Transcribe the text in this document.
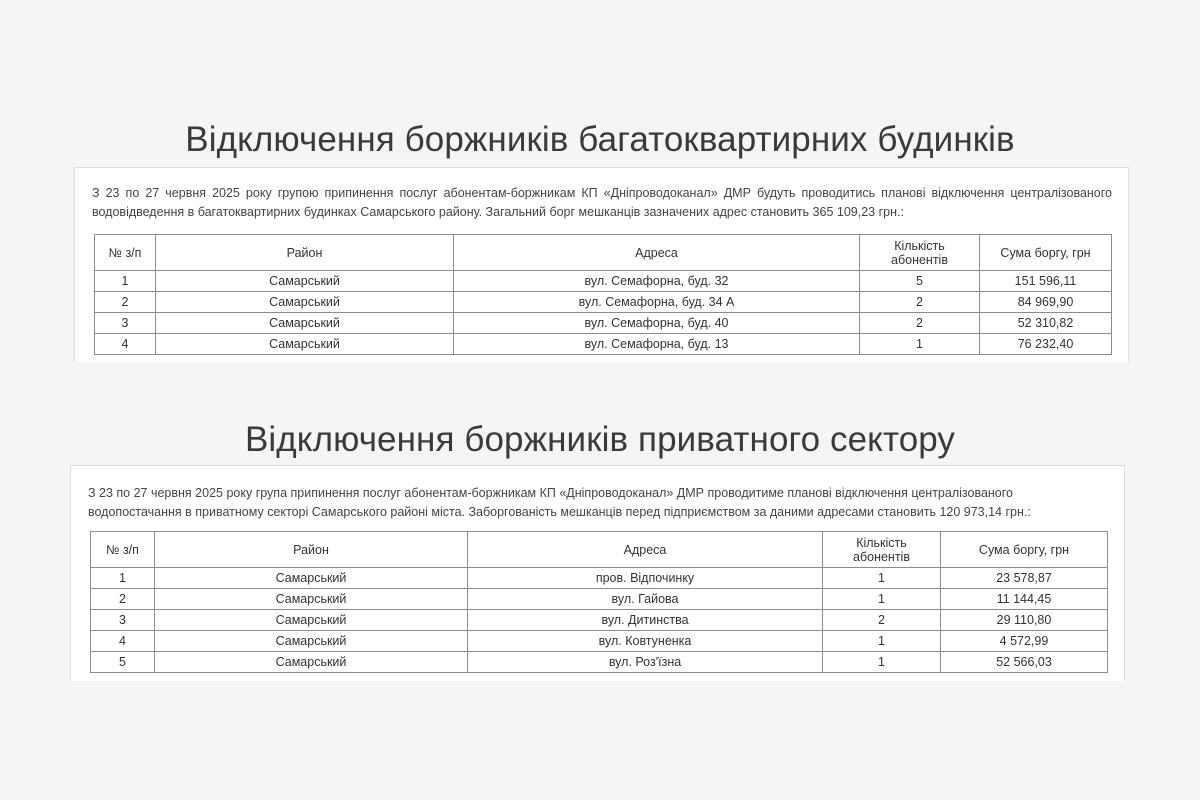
Відключення боржників багатоквартирних будинків

З 23 по 27 червня 2025 року групою припинення послуг абонентам-боржникам КП «Дніпроводоканал» ДМР будуть проводитись планові відключення централізованого водовідведення в багатоквартирних будинках Самарського району. Загальний борг мешканців зазначених адрес становить 365 109,23 грн.:

№ з/п	Район	Адреса	Кількість абонентів	Сума боргу, грн
1	Самарський	вул. Семафорна, буд. 32	5	151 596,11
2	Самарський	вул. Семафорна, буд. 34 А	2	84 969,90
3	Самарський	вул. Семафорна, буд. 40	2	52 310,82
4	Самарський	вул. Семафорна, буд. 13	1	76 232,40
Відключення боржників приватного сектору

З 23 по 27 червня 2025 року група припинення послуг абонентам-боржникам КП «Дніпроводоканал» ДМР проводитиме планові відключення централізованого водопостачання в приватному секторі Самарського районі міста. Заборгованість мешканців перед підприємством за даними адресами становить 120 973,14 грн.:

№ з/п	Район	Адреса	Кількість абонентів	Сума боргу, грн
1	Самарський	пров. Відпочинку	1	23 578,87
2	Самарський	вул. Гайова	1	11 144,45
3	Самарський	вул. Дитинства	2	29 110,80
4	Самарський	вул. Ковтуненка	1	4 572,99
5	Самарський	вул. Роз'їзна	1	52 566,03
